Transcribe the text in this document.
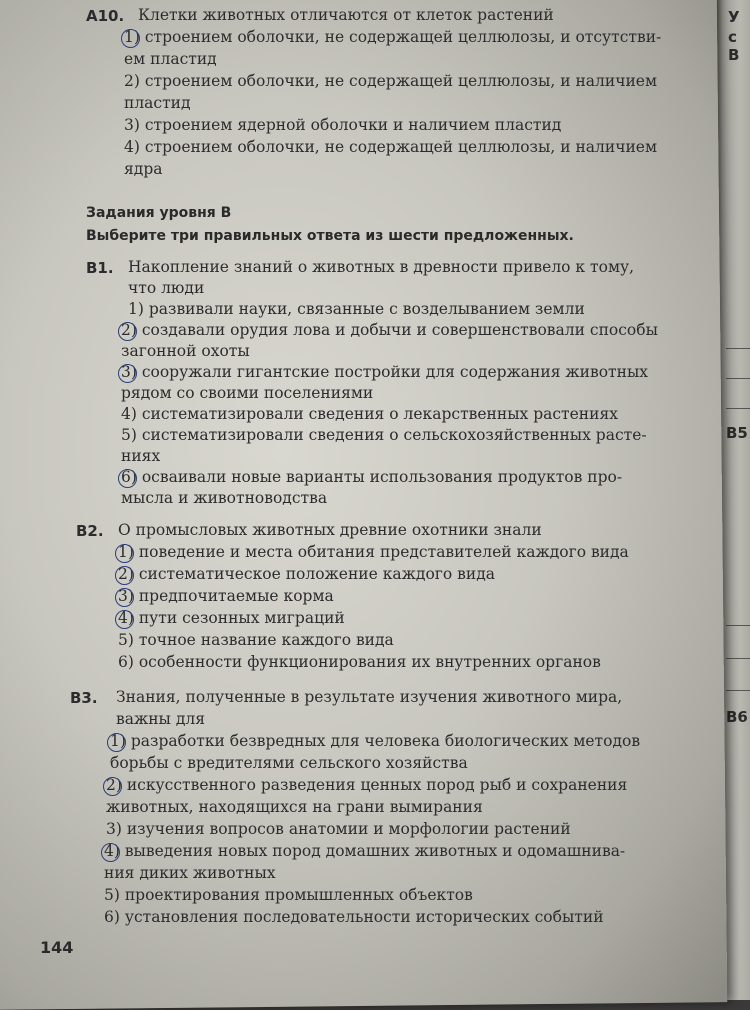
У
с
В
В5
В6
А10. Клетки животных отличаются от клеток растений
1) строением оболочки, не содержащей целлюлозы, и отсутстви-
ем пластид
2) строением оболочки, не содержащей целлюлозы, и наличием
пластид
3) строением ядерной оболочки и наличием пластид
4) строением оболочки, не содержащей целлюлозы, и наличием
ядра
Задания уровня В
Выберите три правильных ответа из шести предложенных.
В1. Накопление знаний о животных в древности привело к тому,
что люди
1) развивали науки, связанные с возделыванием земли
2) создавали орудия лова и добычи и совершенствовали способы
загонной охоты
3) сооружали гигантские постройки для содержания животных
рядом со своими поселениями
4) систематизировали сведения о лекарственных растениях
5) систематизировали сведения о сельскохозяйственных расте-
ниях
6) осваивали новые варианты использования продуктов про-
мысла и животноводства
В2. О промысловых животных древние охотники знали
1) поведение и места обитания представителей каждого вида
2) систематическое положение каждого вида
3) предпочитаемые корма
4) пути сезонных миграций
5) точное название каждого вида
6) особенности функционирования их внутренних органов
В3. Знания, полученные в результате изучения животного мира,
важны для
1) разработки безвредных для человека биологических методов
борьбы с вредителями сельского хозяйства
2) искусственного разведения ценных пород рыб и сохранения
животных, находящихся на грани вымирания
3) изучения вопросов анатомии и морфологии растений
4) выведения новых пород домашних животных и одомашнива-
ния диких животных
5) проектирования промышленных объектов
6) установления последовательности исторических событий
144
